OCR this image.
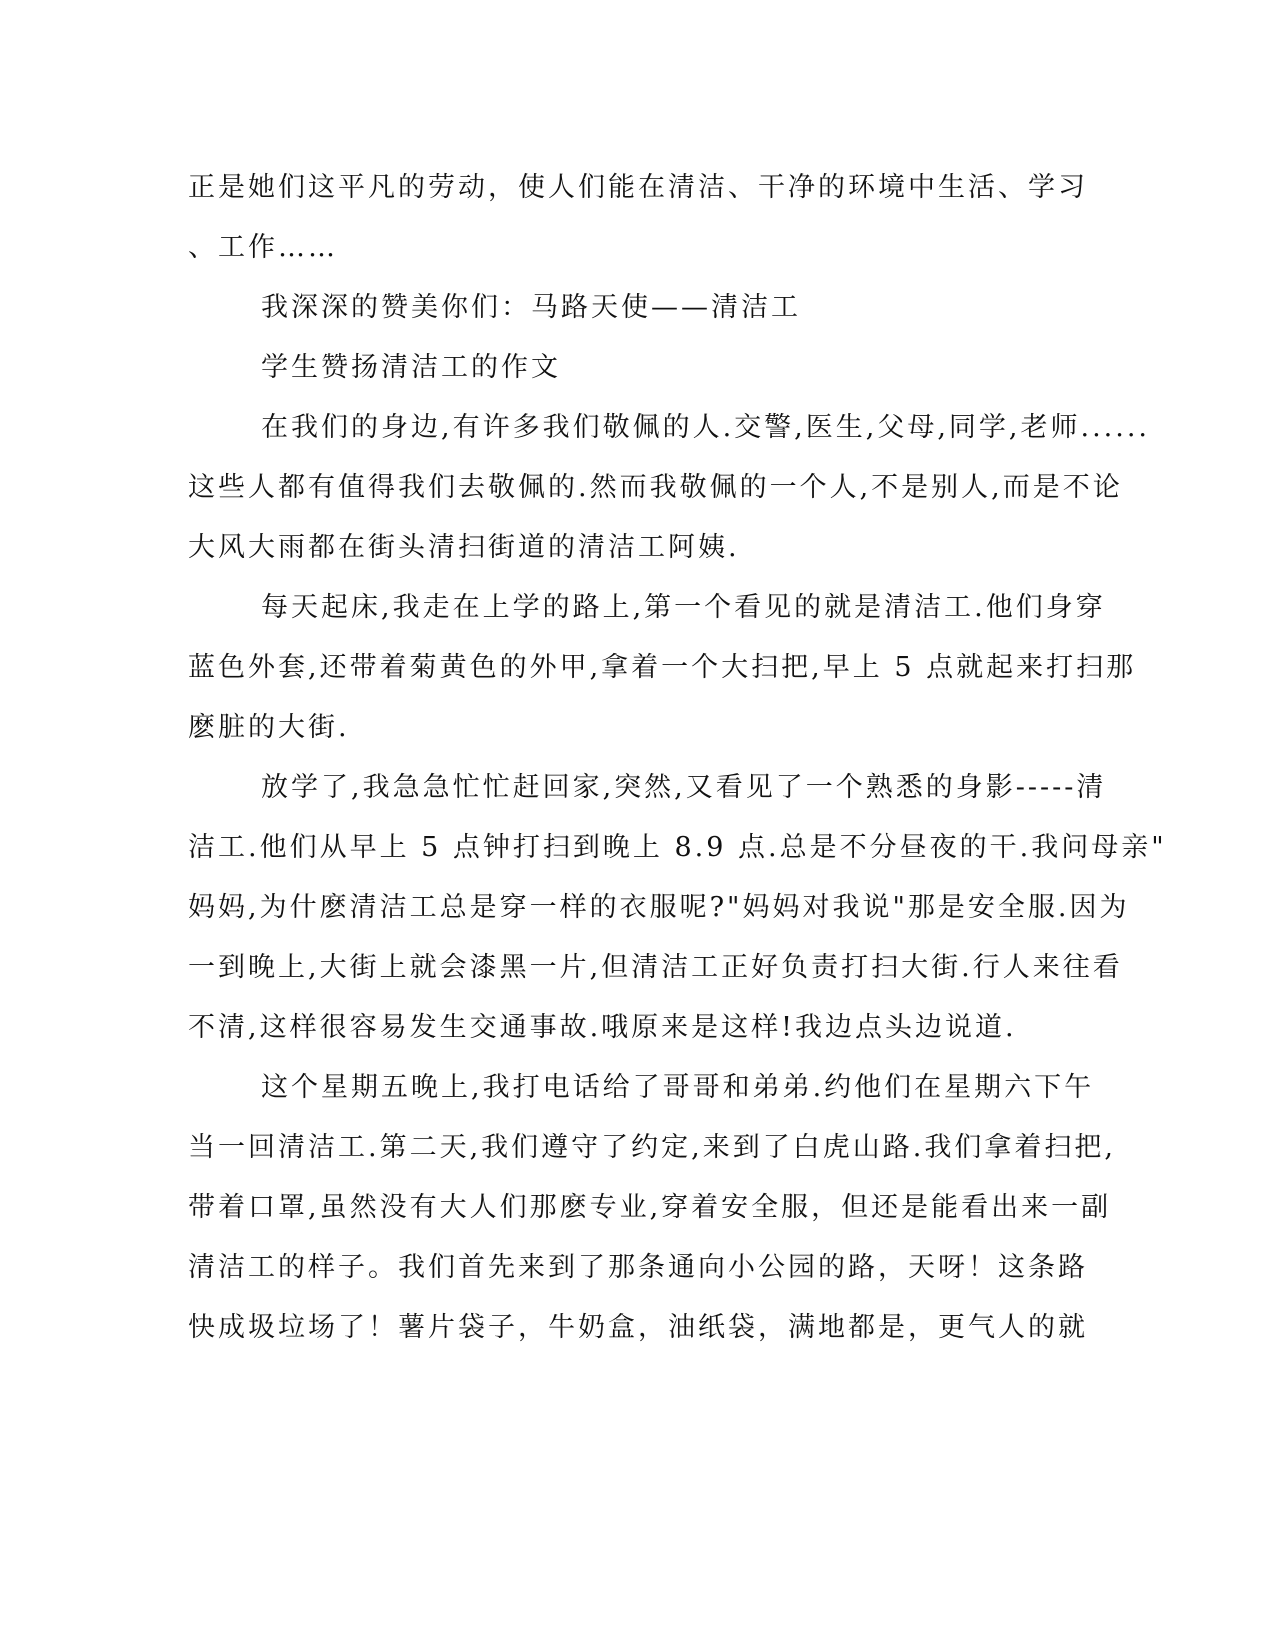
正是她们这平凡的劳动，使人们能在清洁、干净的环境中生活、学习
、工作……
我深深的赞美你们：马路天使——清洁工
学生赞扬清洁工的作文
在我们的身边,有许多我们敬佩的人.交警,医生,父母,同学,老师......
这些人都有值得我们去敬佩的.然而我敬佩的一个人,不是别人,而是不论
大风大雨都在街头清扫街道的清洁工阿姨.
每天起床,我走在上学的路上,第一个看见的就是清洁工.他们身穿
蓝色外套,还带着菊黄色的外甲,拿着一个大扫把,早上 5 点就起来打扫那
麽脏的大街.
放学了,我急急忙忙赶回家,突然,又看见了一个熟悉的身影-----清
洁工.他们从早上 5 点钟打扫到晚上 8.9 点.总是不分昼夜的干.我问母亲"
妈妈,为什麽清洁工总是穿一样的衣服呢?"妈妈对我说"那是安全服.因为
一到晚上,大街上就会漆黑一片,但清洁工正好负责打扫大街.行人来往看
不清,这样很容易发生交通事故.哦原来是这样!我边点头边说道.
这个星期五晚上,我打电话给了哥哥和弟弟.约他们在星期六下午
当一回清洁工.第二天,我们遵守了约定,来到了白虎山路.我们拿着扫把,
带着口罩,虽然没有大人们那麽专业,穿着安全服，但还是能看出来一副
清洁工的样子。我们首先来到了那条通向小公园的路，天呀！这条路
快成圾垃场了！薯片袋子，牛奶盒，油纸袋，满地都是，更气人的就
